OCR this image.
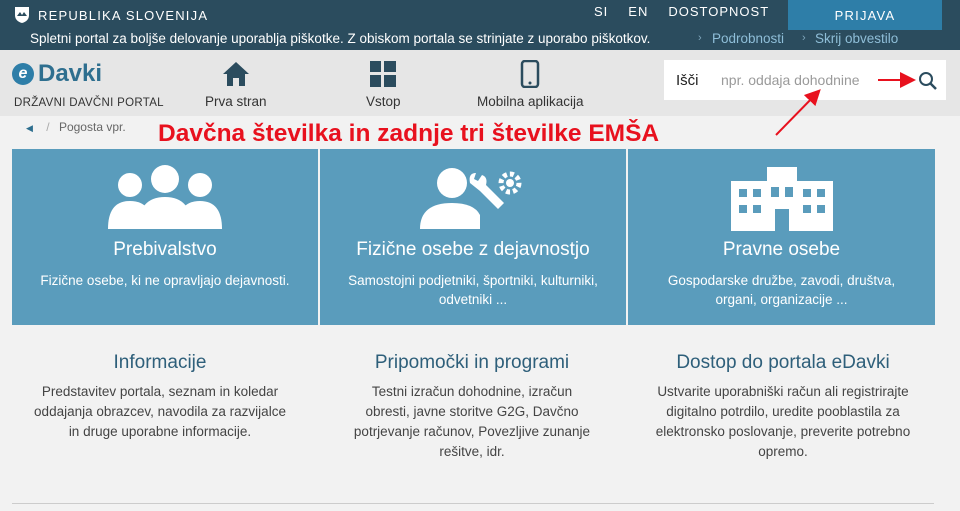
REPUBLIKA SLOVENIJA	SI EN DOSTOPNOST	PRIJAVA
Spletni portal za boljše delovanje uporablja piškotke. Z obiskom portala se strinjate z uporabo piškotkov.	› Podrobnosti › Skrij obvestilo
e Davki
DRŽAVNI DAVČNI PORTAL	Prva stran	Vstop	Mobilna aplikacija
Išči
npr. oddaja dohodnine
◀ / Pogosta vpr. Davčna številka in zadnje tri številke EMŠA
Prebivalstvo
Fizične osebe, ki ne opravljajo dejavnosti.
Fizične osebe z dejavnostjo
Samostojni podjetniki, športniki, kulturniki, odvetniki ...
Pravne osebe
Gospodarske družbe, zavodi, društva, organi, organizacije ...
Informacije
Predstavitev portala, seznam in koledar oddajanja obrazcev, navodila za razvijalce in druge uporabne informacije.
Pripomočki in programi
Testni izračun dohodnine, izračun obresti, javne storitve G2G, Davčno potrjevanje računov, Povezljive zunanje rešitve, idr.
Dostop do portala eDavki
Ustvarite uporabniški račun ali registrirajte digitalno potrdilo, uredite pooblastila za elektronsko poslovanje, preverite potrebno opremo.
